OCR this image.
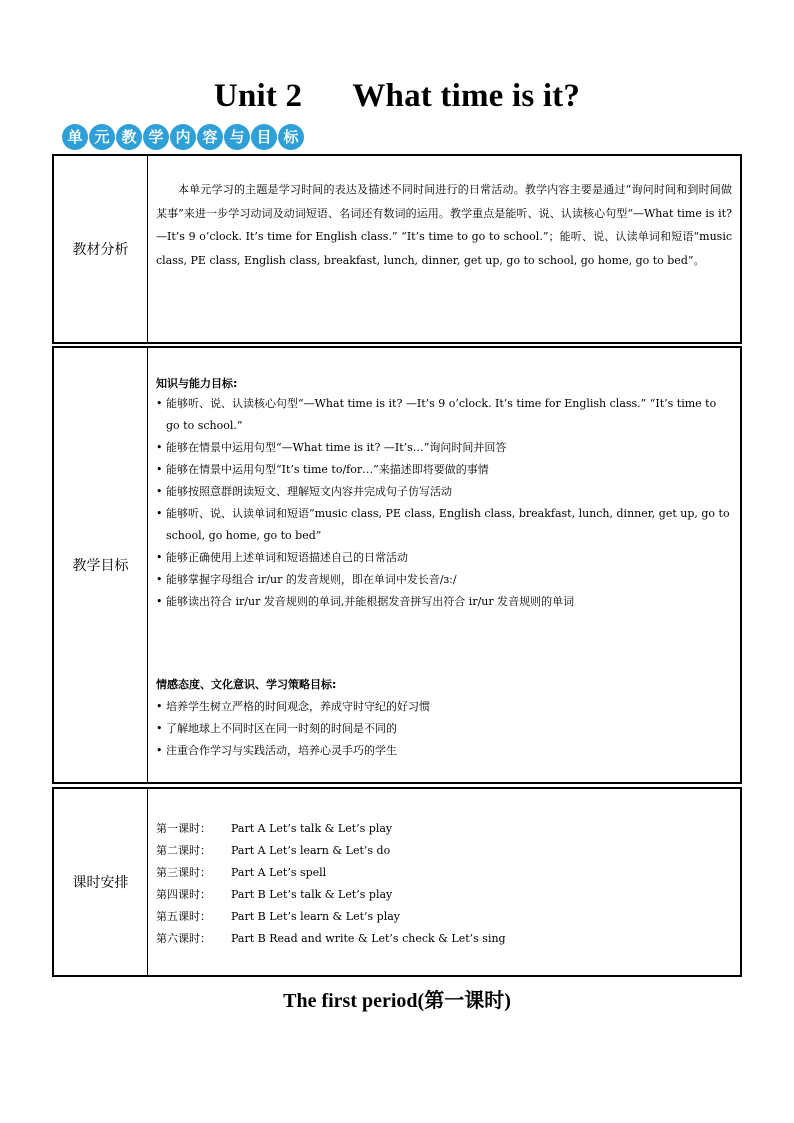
Unit 2      What time is it?
单 元 教 学 内 容 与 目 标
教材分析
本单元学习的主题是学习时间的表达及描述不同时间进行的日常活动。教学内容主要是通过“询问时间和到时间做某事”来进一步学习动词及动词短语、名词还有数词的运用。教学重点是能听、说、认读核心句型“—What time is it? —It’s 9 o’clock. It’s time for English class.” “It’s time to go to school.”；能听、说、认读单词和短语“music class, PE class, English class, breakfast, lunch, dinner, get up, go to school, go home, go to bed”。
教学目标
知识与能力目标:
• 能够听、说、认读核心句型“—What time is it? —It’s 9 o’clock. It’s time for English class.” “It’s time to go to school.”
• 能够在情景中运用句型“—What time is it? —It’s…”询问时间并回答
• 能够在情景中运用句型“It’s time to/for…”来描述即将要做的事情
• 能够按照意群朗读短文、理解短文内容并完成句子仿写活动
• 能够听、说、认读单词和短语“music class, PE class, English class, breakfast, lunch, dinner, get up, go to school, go home, go to bed”
• 能够正确使用上述单词和短语描述自己的日常活动
• 能够掌握字母组合 ir/ur 的发音规则，即在单词中发长音/ɜː/
• 能够读出符合 ir/ur 发音规则的单词,并能根据发音拼写出符合 ir/ur 发音规则的单词
情感态度、文化意识、学习策略目标:
• 培养学生树立严格的时间观念，养成守时守纪的好习惯
• 了解地球上不同时区在同一时刻的时间是不同的
• 注重合作学习与实践活动，培养心灵手巧的学生
课时安排
第一课时： Part A Let’s talk & Let’s play
第二课时： Part A Let’s learn & Let’s do
第三课时： Part A Let’s spell
第四课时： Part B Let’s talk & Let’s play
第五课时： Part B Let’s learn & Let’s play
第六课时： Part B Read and write & Let’s check & Let’s sing
The first period(第一课时)
